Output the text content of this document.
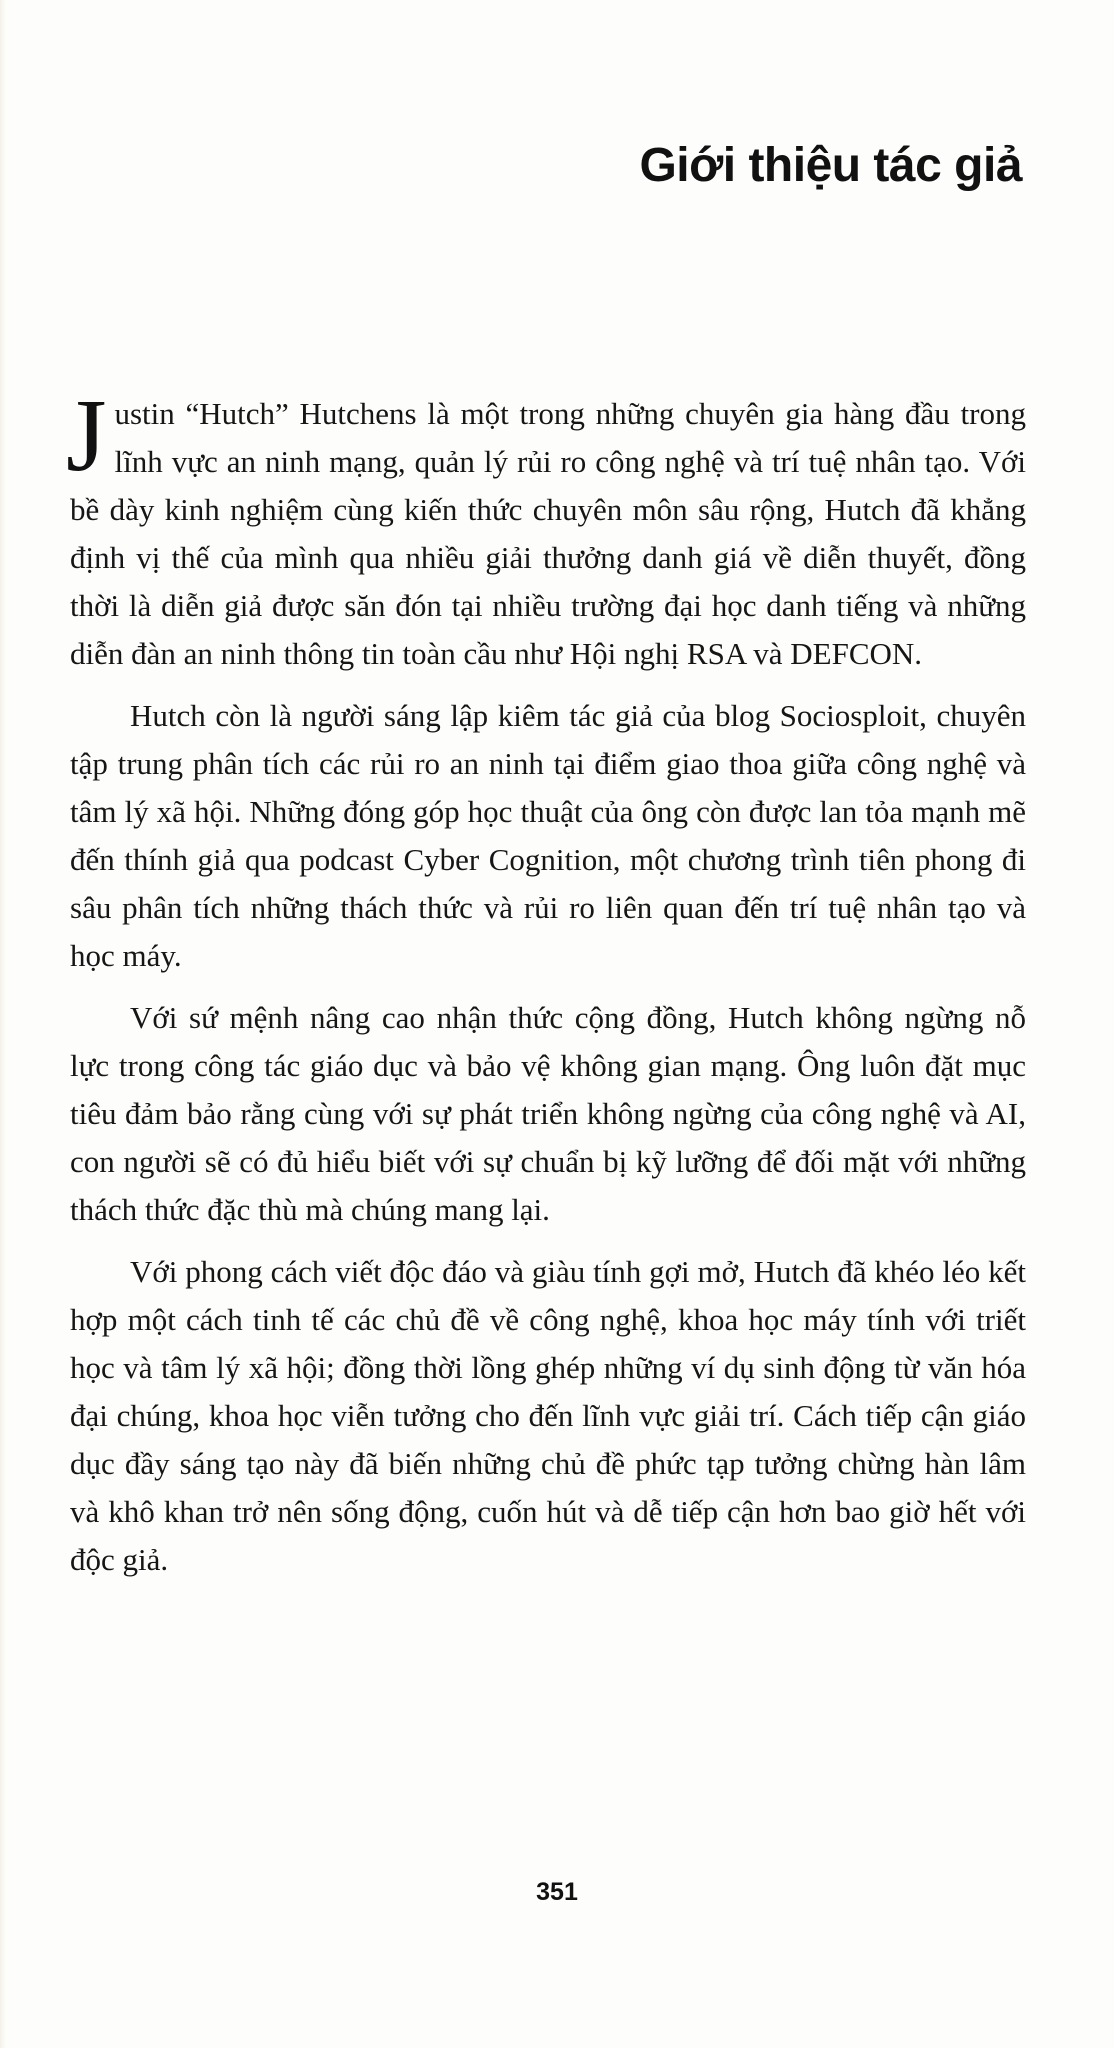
Giới thiệu tác giả

Justin “Hutch” Hutchens là một trong những chuyên gia hàng đầu trong lĩnh vực an ninh mạng, quản lý rủi ro công nghệ và trí tuệ nhân tạo. Với bề dày kinh nghiệm cùng kiến thức chuyên môn sâu rộng, Hutch đã khẳng định vị thế của mình qua nhiều giải thưởng danh giá về diễn thuyết, đồng thời là diễn giả được săn đón tại nhiều trường đại học danh tiếng và những diễn đàn an ninh thông tin toàn cầu như Hội nghị RSA và DEFCON.

Hutch còn là người sáng lập kiêm tác giả của blog Sociosploit, chuyên tập trung phân tích các rủi ro an ninh tại điểm giao thoa giữa công nghệ và tâm lý xã hội. Những đóng góp học thuật của ông còn được lan tỏa mạnh mẽ đến thính giả qua podcast Cyber Cognition, một chương trình tiên phong đi sâu phân tích những thách thức và rủi ro liên quan đến trí tuệ nhân tạo và học máy.

Với sứ mệnh nâng cao nhận thức cộng đồng, Hutch không ngừng nỗ lực trong công tác giáo dục và bảo vệ không gian mạng. Ông luôn đặt mục tiêu đảm bảo rằng cùng với sự phát triển không ngừng của công nghệ và AI, con người sẽ có đủ hiểu biết với sự chuẩn bị kỹ lưỡng để đối mặt với những thách thức đặc thù mà chúng mang lại.

Với phong cách viết độc đáo và giàu tính gợi mở, Hutch đã khéo léo kết hợp một cách tinh tế các chủ đề về công nghệ, khoa học máy tính với triết học và tâm lý xã hội; đồng thời lồng ghép những ví dụ sinh động từ văn hóa đại chúng, khoa học viễn tưởng cho đến lĩnh vực giải trí. Cách tiếp cận giáo dục đầy sáng tạo này đã biến những chủ đề phức tạp tưởng chừng hàn lâm và khô khan trở nên sống động, cuốn hút và dễ tiếp cận hơn bao giờ hết với độc giả.

351
